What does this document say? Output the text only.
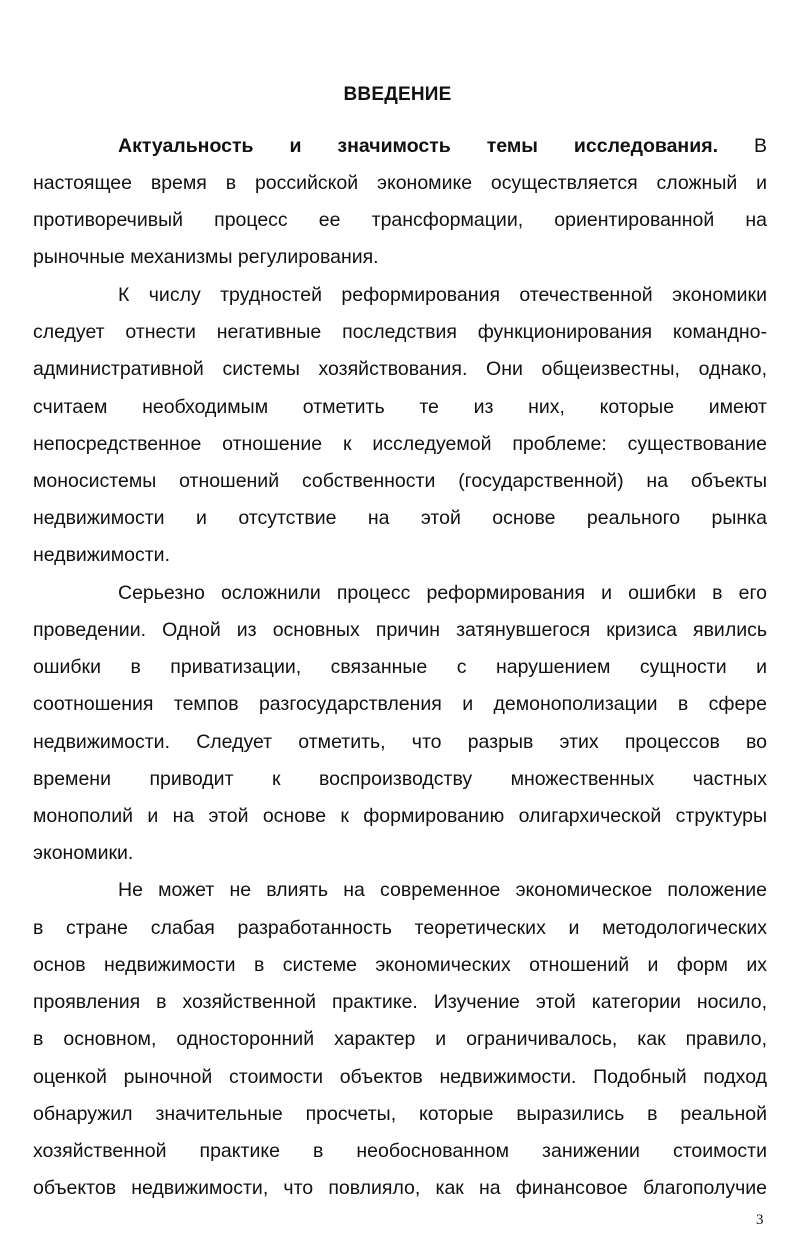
ВВЕДЕНИЕ
Актуальность и значимость темы исследования. В
настоящее время в российской экономике осуществляется сложный и
противоречивый процесс ее трансформации, ориентированной на
рыночные механизмы регулирования.
К числу трудностей реформирования отечественной экономики
следует отнести негативные последствия функционирования командно-
административной системы хозяйствования. Они общеизвестны, однако,
считаем необходимым отметить те из них, которые имеют
непосредственное отношение к исследуемой проблеме: существование
моносистемы отношений собственности (государственной) на объекты
недвижимости и отсутствие на этой основе реального рынка
недвижимости.
Серьезно осложнили процесс реформирования и ошибки в его
проведении. Одной из основных причин затянувшегося кризиса явились
ошибки в приватизации, связанные с нарушением сущности и
соотношения темпов разгосударствления и демонополизации в сфере
недвижимости. Следует отметить, что разрыв этих процессов во
времени приводит к воспроизводству множественных частных
монополий и на этой основе к формированию олигархической структуры
экономики.
Не может не влиять на современное экономическое положение
в стране слабая разработанность теоретических и методологических
основ недвижимости в системе экономических отношений и форм их
проявления в хозяйственной практике. Изучение этой категории носило,
в основном, односторонний характер и ограничивалось, как правило,
оценкой рыночной стоимости объектов недвижимости. Подобный подход
обнаружил значительные просчеты, которые выразились в реальной
хозяйственной практике в необоснованном занижении стоимости
объектов недвижимости, что повлияло, как на финансовое благополучие
3
